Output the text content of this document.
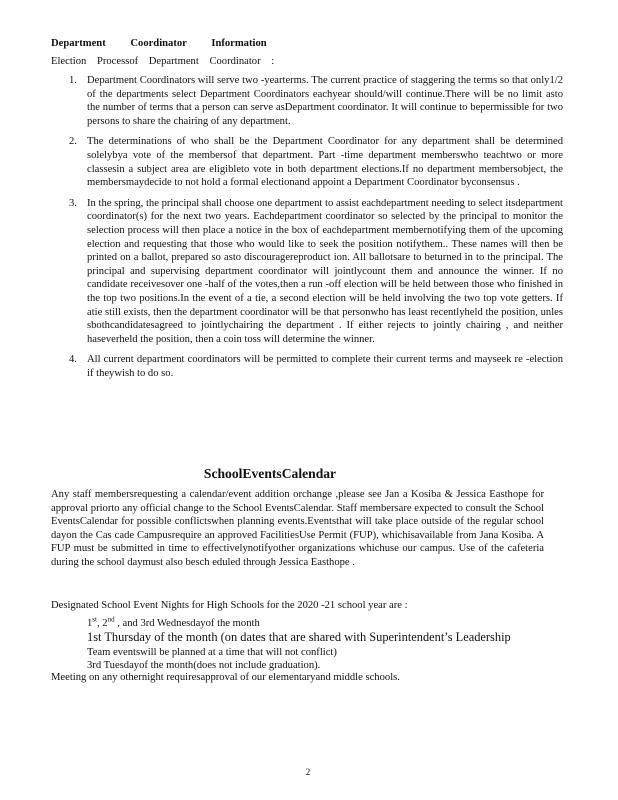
Department Coordinator Information
Election Processof Department Coordinator :
1. Department Coordinators will serve two -yearterms. The current practice of staggering the terms so that only1/2 of the departments select Department Coordinators eachyear should/will continue.There will be no limit asto the number of terms that a person can serve asDepartment coordinator. It will continue to bepermissible for two persons to share the chairing of any department.
2. The determinations of who shall be the Department Coordinator for any department shall be determined solelybya vote of the membersof that department. Part -time department memberswho teachtwo or more classesin a subject area are eligibleto vote in both department elections.If no department membersobject, the membersmaydecide to not hold a formal electionand appoint a Department Coordinator byconsensus .
3. In the spring, the principal shall choose one department to assist eachdepartment needing to select itsdepartment coordinator(s) for the next two years. Eachdepartment coordinator so selected by the principal to monitor the selection process will then place a notice in the box of eachdepartment membernotifying them of the upcoming election and requesting that those who would like to seek the position notifythem.. These names will then be printed on a ballot, prepared so asto discouragereproduct ion. All ballotsare to beturned in to the principal. The principal and supervising department coordinator will jointlycount them and announce the winner. If no candidate receivesover one -half of the votes,then a run -off election will be held between those who finished in the top two positions.In the event of a tie, a second election will be held involving the two top vote getters. If atie still exists, then the department coordinator will be that personwho has least recentlyheld the position, unles sbothcandidatesagreed to jointlychairing the department . If either rejects to jointly chairing , and neither haseverheld the position, then a coin toss will determine the winner.
4. All current department coordinators will be permitted to complete their current terms and mayseek re -election if theywish to do so.
SchoolEventsCalendar

Any staff membersrequesting a calendar/event addition orchange ,please see Jan a Kosiba & Jessica Easthope for approval priorto any official change to the School EventsCalendar. Staff membersare expected to consult the School EventsCalendar for possible conflictswhen planning events.Eventsthat will take place outside of the regular school dayon the Cas cade Campusrequire an approved FacilitiesUse Permit (FUP), whichisavailable from Jana Kosiba. A FUP must be submitted in time to effectivelynotifyother organizations whichuse our campus. Use of the cafeteria during the school daymust also besch eduled through Jessica Easthope .

Designated School Event Nights for High Schools for the 2020 -21 school year are :

1st, 2nd , and 3rd Wednesdayof the month
1st Thursday of the month (on dates that are shared with Superintendent’s Leadership
Team eventswill be planned at a time that will not conflict)
3rd Tuesdayof the month(does not include graduation).

Meeting on any othernight requiresapproval of our elementaryand middle schools.

2
